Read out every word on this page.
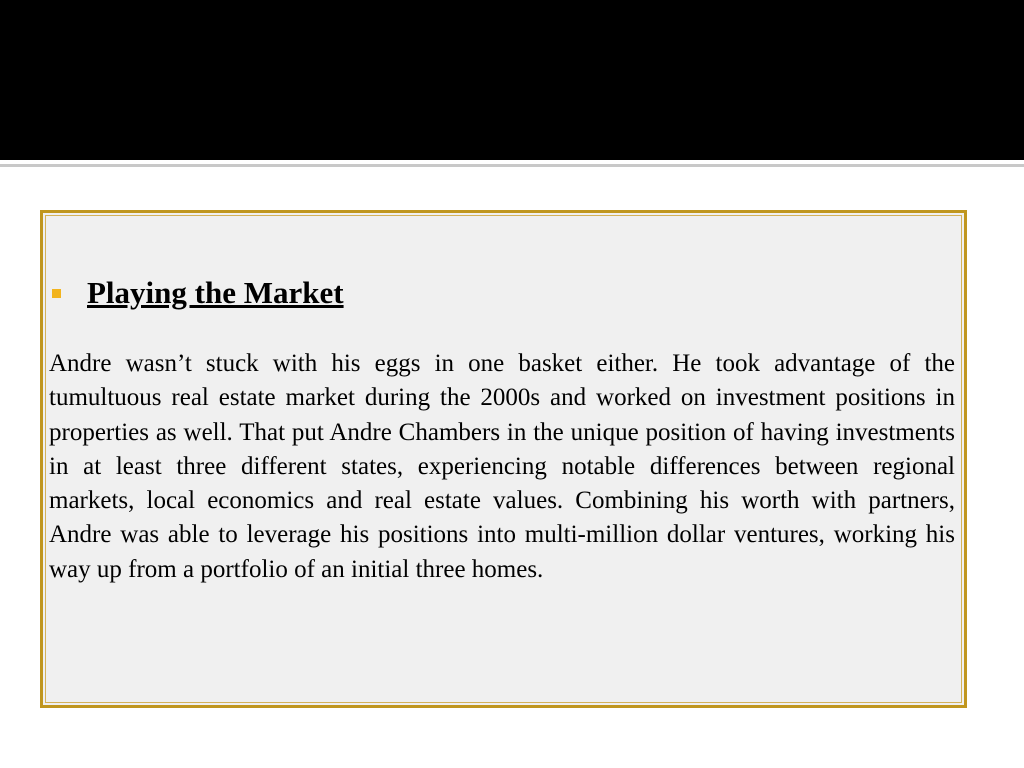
Playing the Market

Andre wasn’t stuck with his eggs in one basket either. He took advantage of the tumultuous real estate market during the 2000s and worked on investment positions in properties as well. That put Andre Chambers in the unique position of having investments in at least three different states, experiencing notable differences between regional markets, local economics and real estate values. Combining his worth with partners, Andre was able to leverage his positions into multi-million dollar ventures, working his way up from a portfolio of an initial three homes.
